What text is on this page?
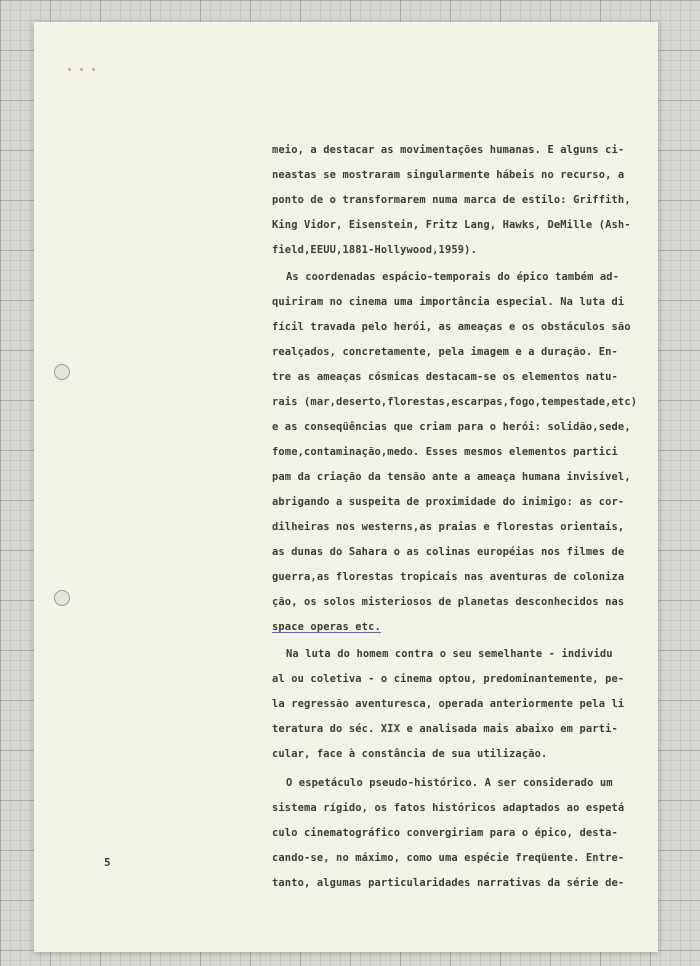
meio, a destacar as movimentações humanas. E alguns ci-
neastas se mostraram singularmente hábeis no recurso, a
ponto de o transformarem numa marca de estilo: Griffith,
King Vidor, Eisenstein, Fritz Lang, Hawks, DeMille (Ash-
field,EEUU,1881-Hollywood,1959).
As coordenadas espácio-temporais do épico também ad-
quiriram no cinema uma importância especial. Na luta di
fícil travada pelo herói, as ameaças e os obstáculos são
realçados, concretamente, pela imagem e a duração. En-
tre as ameaças cósmicas destacam-se os elementos natu-
rais (mar,deserto,florestas,escarpas,fogo,tempestade,etc)
e as conseqüências que criam para o herói: solidão,sede,
fome,contaminação,medo. Esses mesmos elementos partici
pam da criação da tensão ante a ameaça humana invisível,
abrigando a suspeita de proximidade do inimigo: as cor-
dilheiras nos westerns,as praias e florestas orientais,
as dunas do Sahara o as colinas européias nos filmes de
guerra,as florestas tropicais nas aventuras de coloniza
ção, os solos misteriosos de planetas desconhecidos nas
space operas etc.
Na luta do homem contra o seu semelhante - individu
al ou coletiva - o cinema optou, predominantemente, pe-
la regressão aventuresca, operada anteriormente pela li
teratura do séc. XIX e analisada mais abaixo em parti-
cular, face à constância de sua utilização.
O espetáculo pseudo-histórico. A ser considerado um
sistema rígido, os fatos históricos adaptados ao espetá
culo cinematográfico convergiriam para o épico, desta-
cando-se, no máximo, como uma espécie freqüente. Entre-
tanto, algumas particularidades narrativas da série de-
5
